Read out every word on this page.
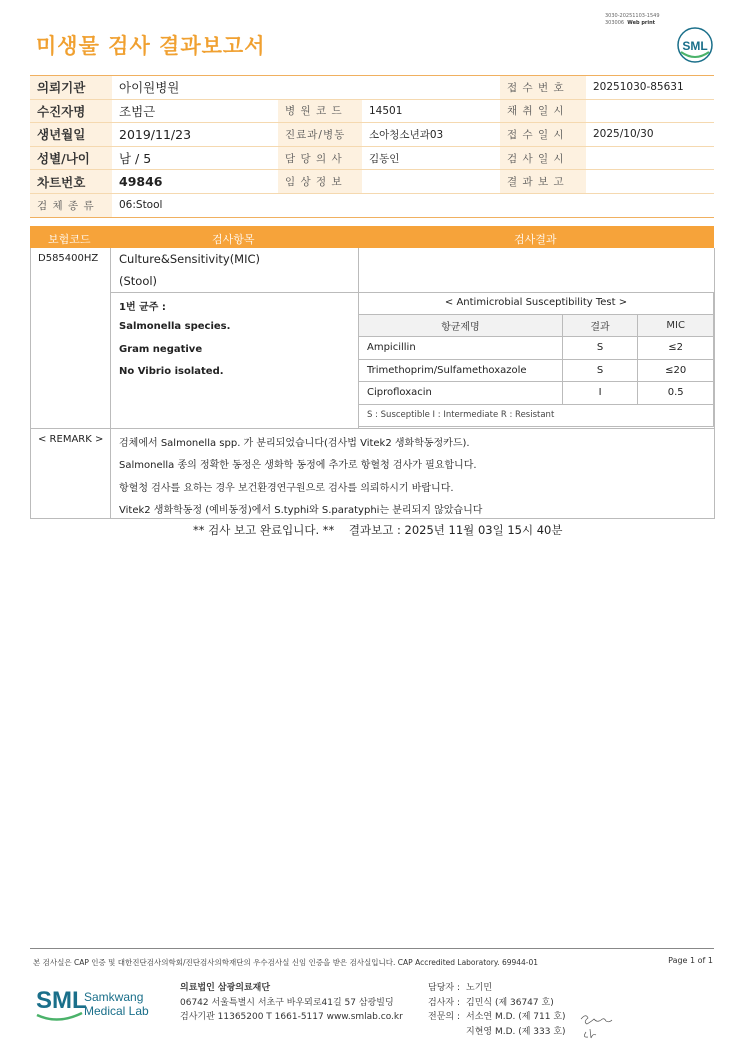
미생물 검사 결과보고서
3030-20251103-1549
303006 Web print
SML
의뢰기관	아이원병원			접 수 번 호	20251030-85631
수진자명	조범근	병 원 코 드	14501	채 취 일 시	
생년월일	2019/11/23	진료과/병동	소아청소년과03	접 수 일 시	2025/10/30
성별/나이	남 / 5	담 당 의 사	김동인	검 사 일 시	
차트번호	49846	임 상 정 보		결 과 보 고	
검 체 종 류	06:Stool				
보험코드	검사항목	검사결과
D585400HZ Culture&Sensitivity(MIC)
(Stool)
1번 균주 :
Salmonella species.
Gram negative
No Vibrio isolated.
< REMARK > 검체에서 Salmonella spp. 가 분리되었습니다(검사법 Vitek2 생화학동정카드).
Salmonella 종의 정확한 동정은 생화학 동정에 추가로 항혈청 검사가 필요합니다.
항혈청 검사를 요하는 경우 보건환경연구원으로 검사를 의뢰하시기 바랍니다.
Vitek2 생화학동정 (예비동정)에서 S.typhi와 S.paratyphi는 분리되지 않았습니다
< Antimicrobial Susceptibility Test >		
항균제명	결과	MIC
Ampicillin	S	≤2
Trimethoprim/Sulfamethoxazole	S	≤20
Ciprofloxacin	I	0.5
S : Susceptible I : Intermediate R : Resistant		
** 검사 보고 완료입니다. ** 결과보고 : 2025년 11월 03일 15시 40분
본 검사실은 CAP 인증 및 대한진단검사의학회/진단검사의학재단의 우수검사실 신임 인증을 받은 검사실입니다. CAP Accredited Laboratory. 69944-01	Page 1 of 1
SML
Samkwang
Medical Lab
의료법인 삼광의료재단
06742 서울특별시 서초구 바우뫼로41길 57 삼광빌딩
검사기관 11365200 T 1661-5117 www.smlab.co.kr
담당자 : 노기민
검사자 : 김민식 (제 36747 호)
전문의 : 서소연 M.D. (제 711 호)
지현영 M.D. (제 333 호)
